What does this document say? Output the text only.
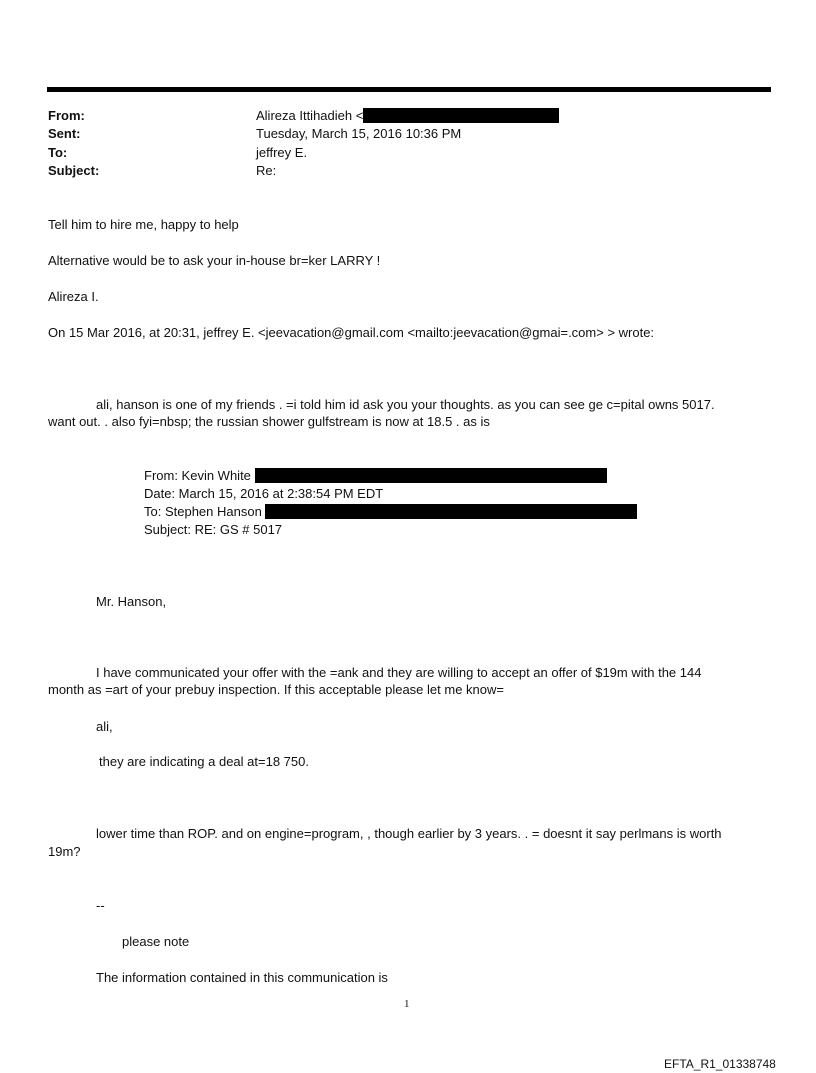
From:	Alireza Ittihadieh <
Sent:	Tuesday, March 15, 2016 10:36 PM
To:	jeffrey E.
Subject:	Re:
Tell him to hire me, happy to help
Alternative would be to ask your in-house br=ker LARRY !
Alireza I.
On 15 Mar 2016, at 20:31, jeffrey E. <jeevacation@gmail.com <mailto:jeevacation@gmai=.com> > wrote:
ali, hanson is one of my friends . =i told him id ask you your thoughts. as you can see ge c=pital owns 5017.
want out. . also fyi=nbsp; the russian shower gulfstream is now at 18.5 . as is
From: Kevin White
Date: March 15, 2016 at 2:38:54 PM EDT
To: Stephen Hanson
Subject: RE: GS # 5017
Mr. Hanson,
I have communicated your offer with the =ank and they are willing to accept an offer of $19m with the 144
month as =art of your prebuy inspection. If this acceptable please let me know=
ali,
they are indicating a deal at=18 750.
lower time than ROP. and on engine=program, , though earlier by 3 years. . = doesnt it say perlmans is worth
19m?
--
please note
The information contained in this communication is
1
EFTA_R1_01338748
